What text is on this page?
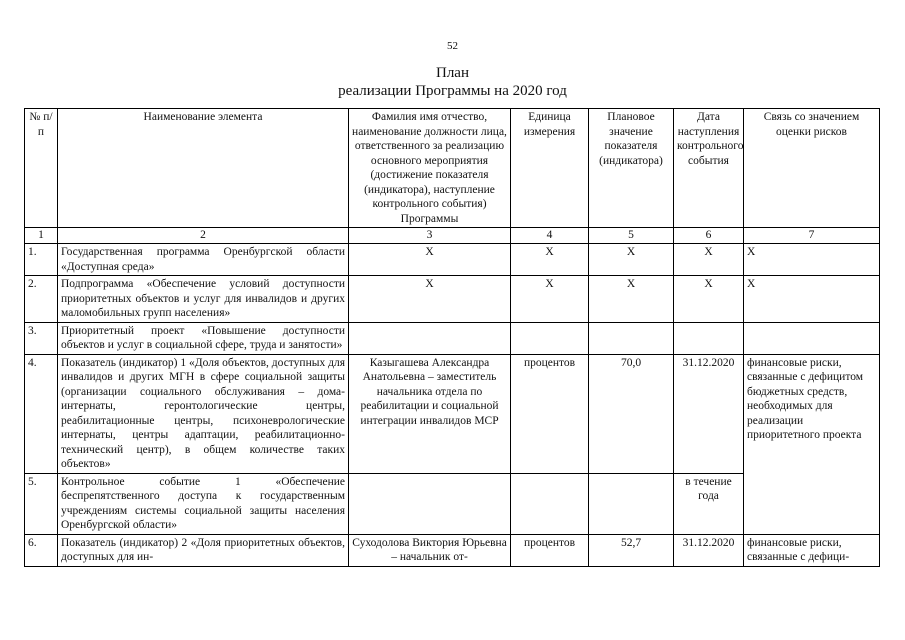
52
План
реализации Программы на 2020 год
№ п/п	Наименование элемента	Фамилия имя отчество, наименование должности лица, ответственного за реализацию основного мероприятия (достижение показателя (индикатора), наступление контрольного события) Программы	Единица измерения	Плановое значение показателя (индикатора)	Дата наступления контрольного события	Связь со значением оценки рисков
1	2	3	4	5	6	7
1.	Государственная программа Оренбургской области «Доступная среда»	Х	Х	Х	Х	Х
2.	Подпрограмма «Обеспечение условий доступности приоритетных объектов и услуг для инвалидов и других маломобильных групп населения»	Х	Х	Х	Х	Х
3.	Приоритетный проект «Повышение доступности объектов и услуг в социальной сфере, труда и занятости»					
4.	Показатель (индикатор) 1 «Доля объектов, доступных для инвалидов и других МГН в сфере социальной защиты (организации социального обслуживания – дома-интернаты, геронтологические центры, реабилитационные центры, психоневрологические интернаты, центры адаптации, реабилитационно-технический центр), в общем количестве таких объектов»	Казыгашева Александра Анатольевна – заместитель начальника отдела по реабилитации и социальной интеграции инвалидов МСР	процентов	70,0	31.12.2020	финансовые риски, связанные с дефицитом бюджетных средств, необходимых для реализации приоритетного проекта
5.	Контрольное событие 1 «Обеспечение беспрепятственного доступа к государственным учреждениям системы социальной защиты населения Оренбургской области»				в течение года	
6.	Показатель (индикатор) 2 «Доля приоритетных объектов, доступных для ин-	Суходолова Виктория Юрьевна – начальник от-	процентов	52,7	31.12.2020	финансовые риски, связанные с дефици-
